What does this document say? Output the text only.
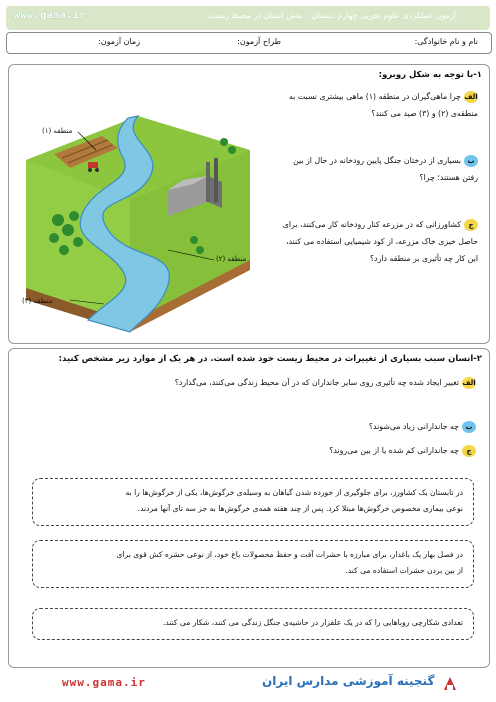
www.gama.ir	آزمون عملکردی علوم تجربی چهارم دبستان
نقش انسان در محیط زیست
نام و نام خانوادگی:
طراح آزمون:
زمان آزمون:
۱-با توجه به شکل روبرو:
منطقه (۱)
منطقه (۲)
منطقه (۳)
الفچرا ماهی‌گیران در منطقه (۱) ماهی بیشتری نسبت به
منطقه‌ی (۲) و (۳) صید می کنند؟
ببسیاری از درختان جنگل پایین رودخانه در حال از بین
رفتن هستند؛ چرا؟
جکشاورزانی که در مزرعه کنار رودخانه کار می‌کنند، برای
حاصل خیزی خاک مزرعه، از کود شیمیایی استفاده می کنند،
این کار چه تأثیری بر منطقه دارد؟
۲-انسان سبب بسیاری از تغییرات در محیط زیست خود شده است. در هر یک از موارد زیر مشخص کنید:
الفتغییر ایجاد شده چه تأثیری روی سایر جانداران که در آن محیط زندگی می‌کنند، می‌گذارد؟
بچه جاندارانی زیاد می‌شوند؟
جچه جاندارانی کم شده یا از بین می‌روند؟
در تابستان یک کشاورز، برای جلوگیری از خورده شدن گیاهان به وسیله‌ی خرگوش‌ها، یکی از خرگوش‌ها را به
نوعی بیماری مخصوص خرگوش‌ها مبتلا کرد. پس از چند هفته همه‌ی خرگوش‌ها به جز سه تای آنها مردند.
در فصل بهار یک باغدار، برای مبارزه با حشرات آفت و حفظ محصولات باغ خود، از نوعی حشره کش قوی برای
از بین بردن حشرات استفاده می کند.
تعدادی شکارچی روباهایی را که در یک علفزار در حاشیه‌ی جنگل زندگی می کنند، شکار می کنند.
www.gama.ir	گنجینه آموزشی مدارس ایران
